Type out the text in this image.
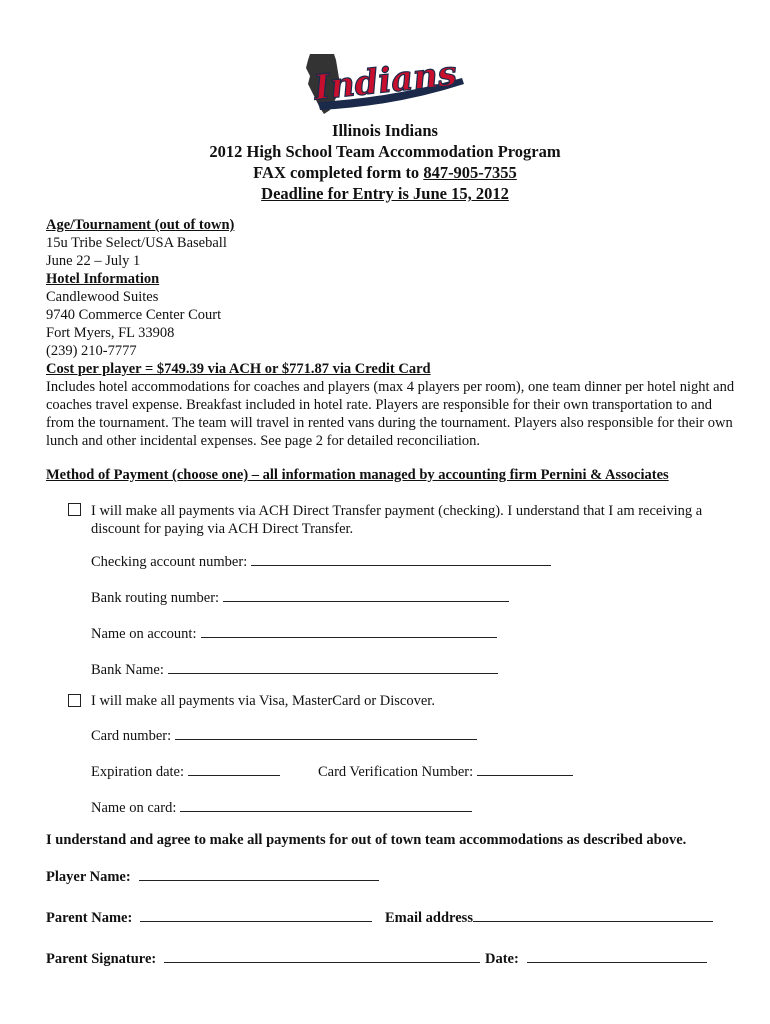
Indians
Illinois Indians
2012 High School Team Accommodation Program
FAX completed form to 847-905-7355
Deadline for Entry is June 15, 2012
Age/Tournament (out of town)
15u Tribe Select/USA Baseball
June 22 – July 1
Hotel Information
Candlewood Suites
9740 Commerce Center Court
Fort Myers, FL 33908
(239) 210-7777
Cost per player = $749.39 via ACH or $771.87 via Credit Card
Includes hotel accommodations for coaches and players (max 4 players per room), one team dinner per hotel night and coaches travel expense. Breakfast included in hotel rate. Players are responsible for their own transportation to and from the tournament. The team will travel in rented vans during the tournament. Players also responsible for their own lunch and other incidental expenses. See page 2 for detailed reconciliation.
Method of Payment (choose one) – all information managed by accounting firm Pernini & Associates
I will make all payments via ACH Direct Transfer payment (checking). I understand that I am receiving a discount for paying via ACH Direct Transfer.
Checking account number:
Bank routing number:
Name on account:
Bank Name:
I will make all payments via Visa, MasterCard or Discover.
Card number:
Expiration date:	Card Verification Number:
Name on card:
I understand and agree to make all payments for out of town team accommodations as described above.
Player Name:
Parent Name:	Email address
Parent Signature:	Date:
